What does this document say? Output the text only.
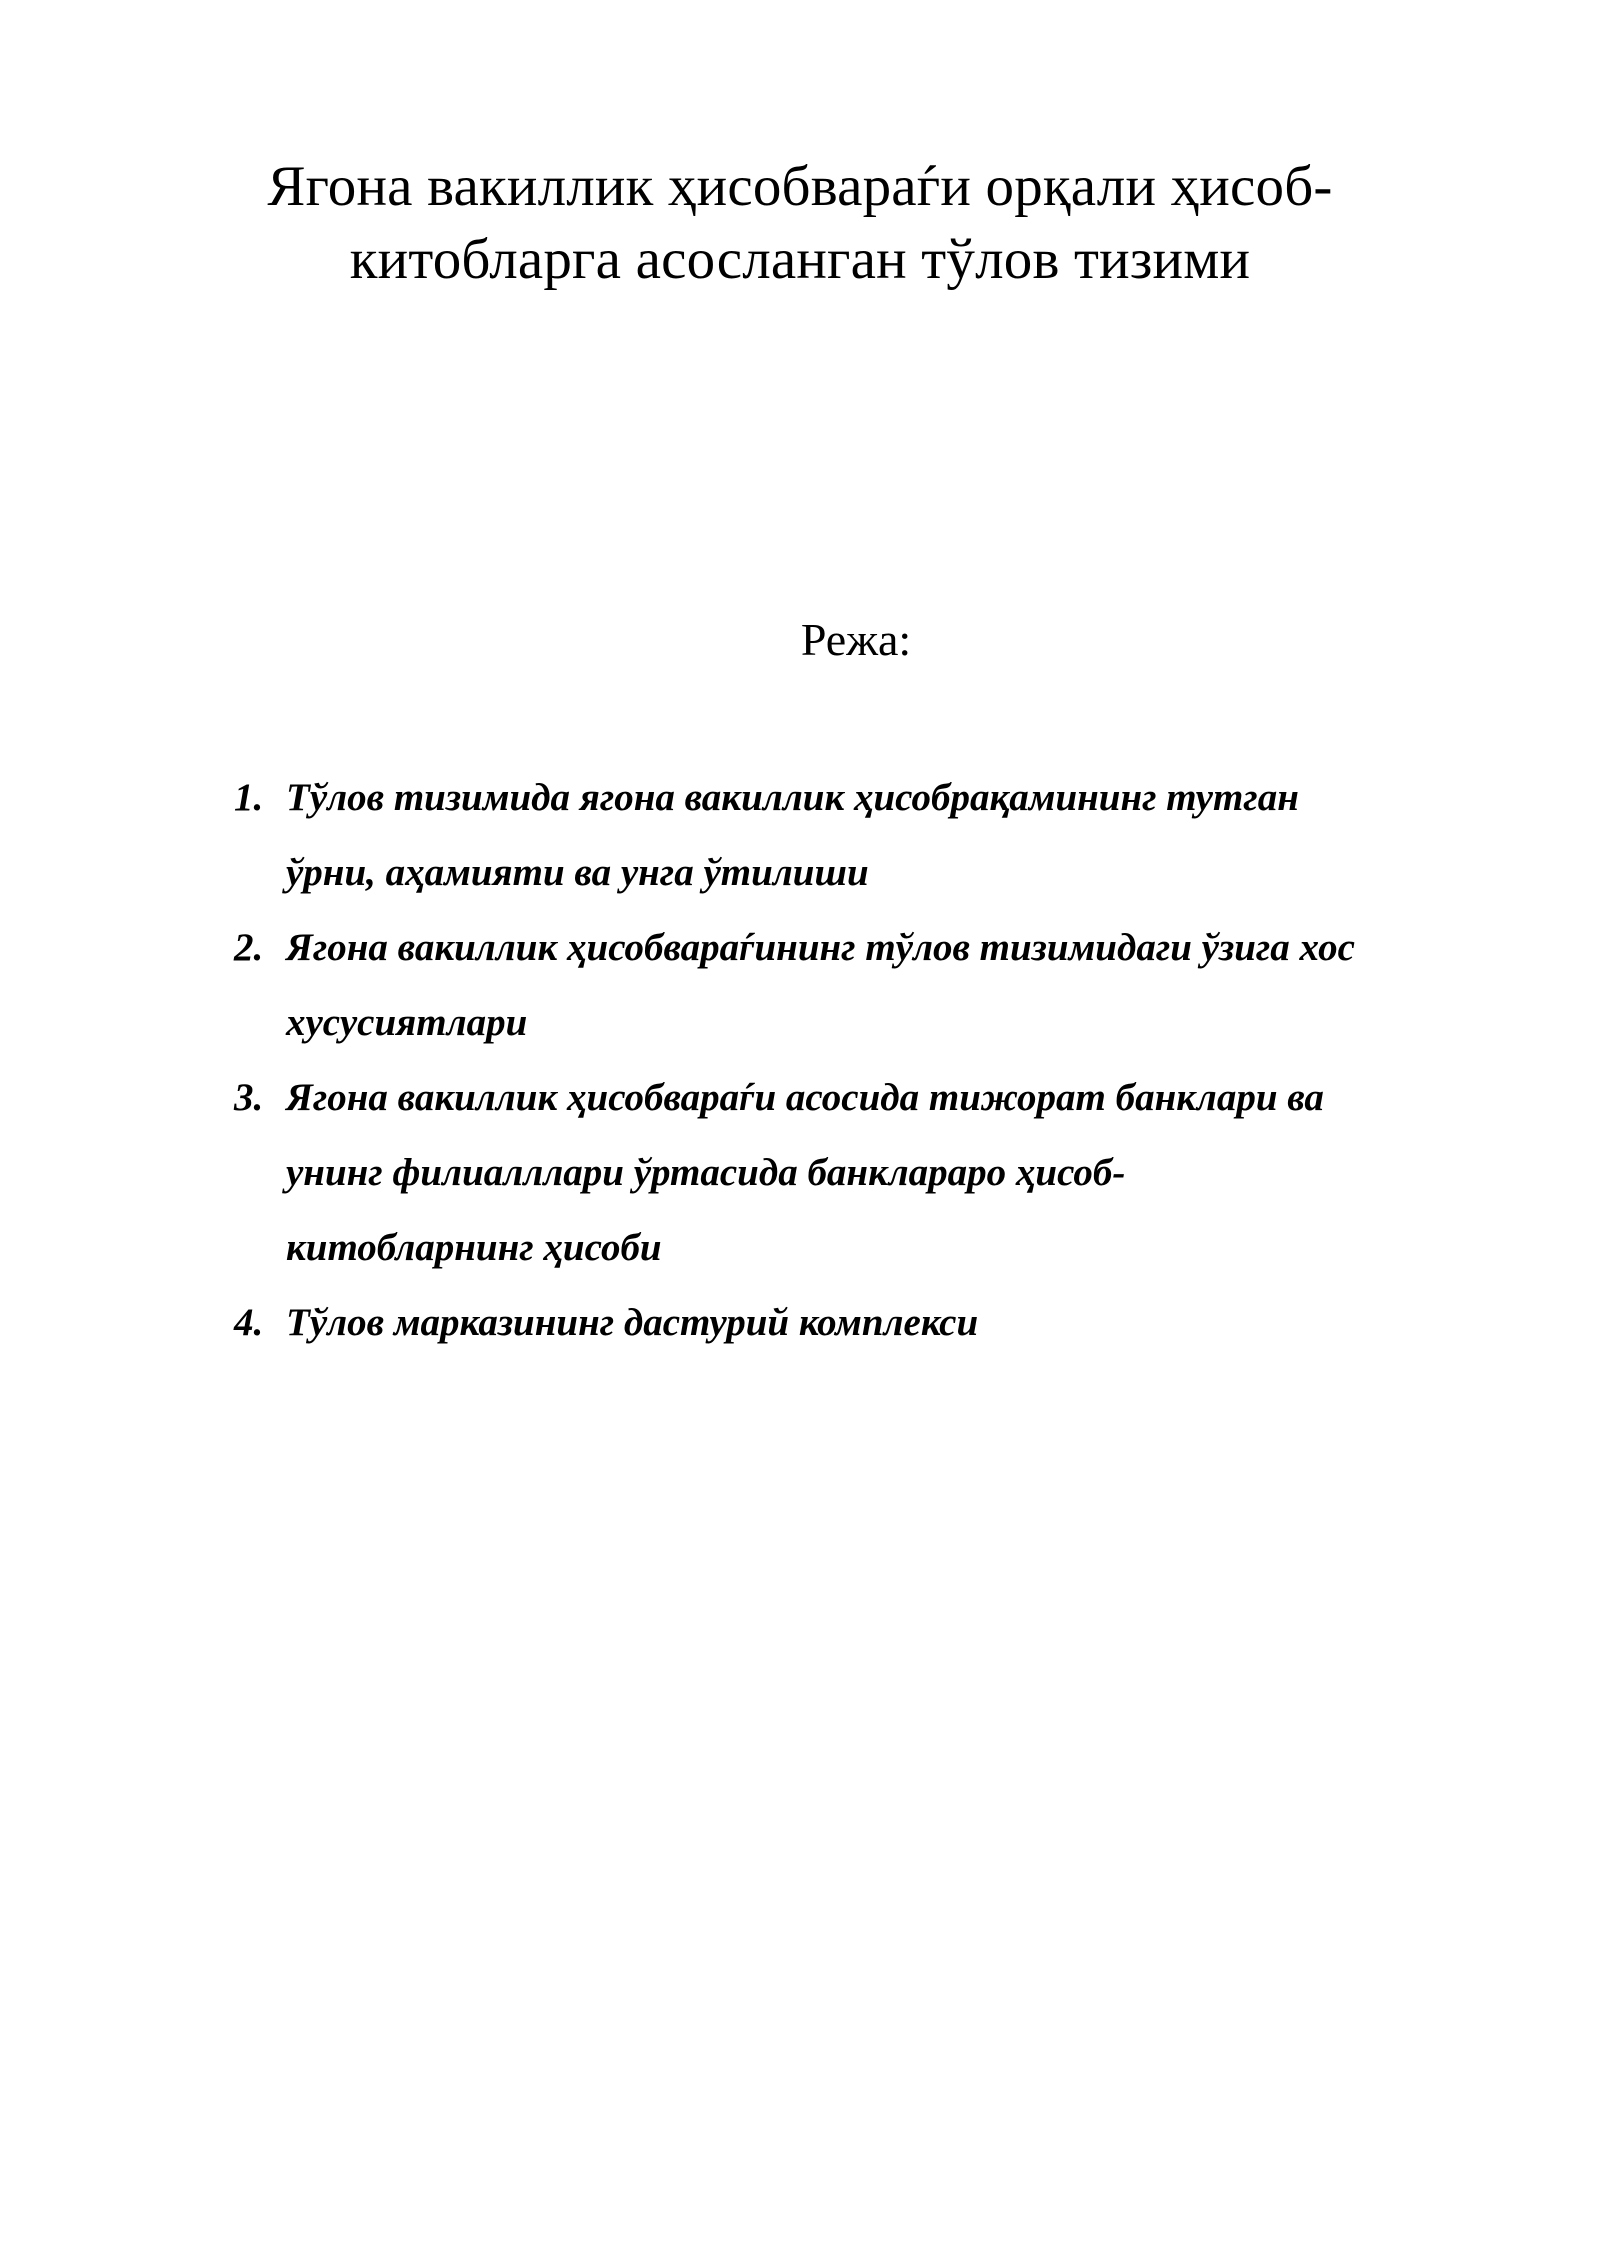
Ягона вакиллик ҳисобвараѓи орқали ҳисоб-
китобларга асосланган тўлов тизими
Режа:
1. Тўлов тизимида ягона вакиллик ҳисобрақамининг тутган
ўрни, аҳамияти ва унга ўтилиши
2. Ягона вакиллик ҳисобвараѓининг тўлов тизимидаги ўзига хос
хусусиятлари
3. Ягона вакиллик ҳисобвараѓи асосида тижорат банклари ва
унинг филиалллари ўртасида банклараро ҳисоб-
китобларнинг ҳисоби
4. Тўлов марказининг дастурий комплекси
